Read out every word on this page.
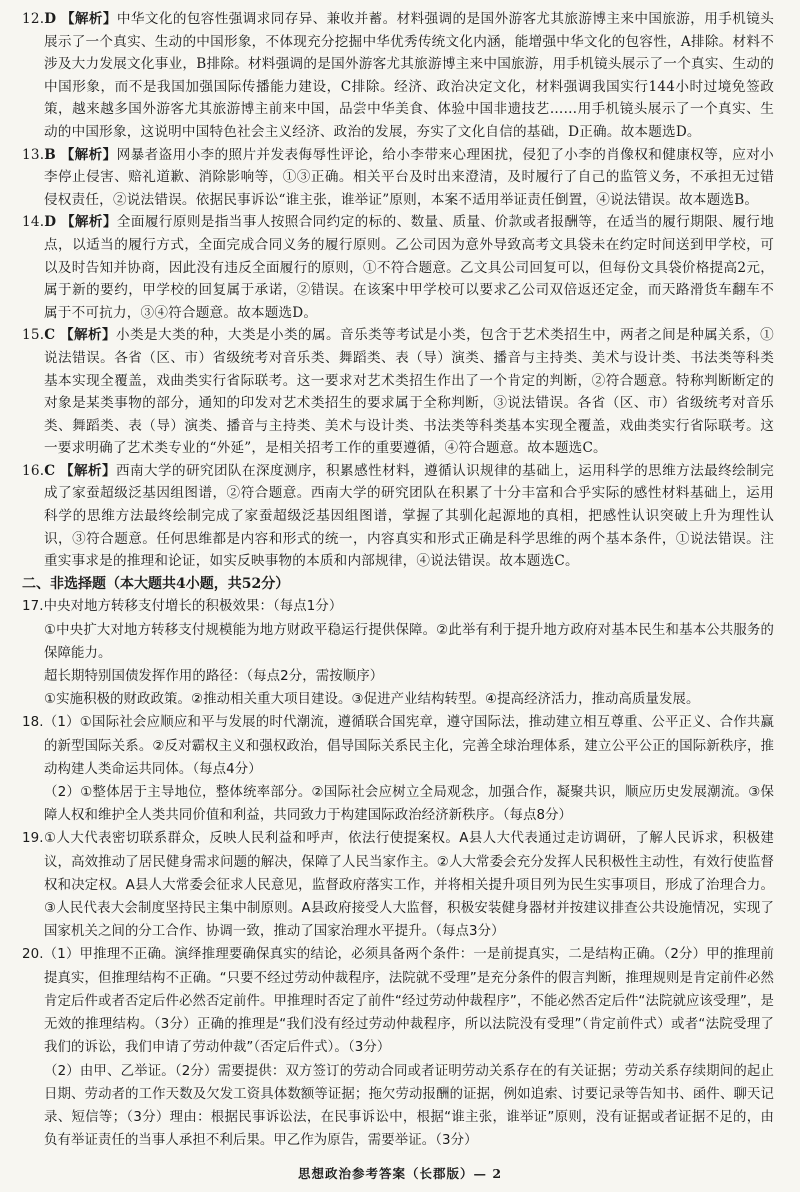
12.D 【解析】中华文化的包容性强调求同存异、兼收并蓄。材料强调的是国外游客尤其旅游博主来中国旅游，用手机镜头展示了一个真实、生动的中国形象，不体现充分挖掘中华优秀传统文化内涵，能增强中华文化的包容性，A排除。材料不涉及大力发展文化事业，B排除。材料强调的是国外游客尤其旅游博主来中国旅游，用手机镜头展示了一个真实、生动的中国形象，而不是我国加强国际传播能力建设，C排除。经济、政治决定文化，材料强调我国实行144小时过境免签政策，越来越多国外游客尤其旅游博主前来中国，品尝中华美食、体验中国非遗技艺……用手机镜头展示了一个真实、生动的中国形象，这说明中国特色社会主义经济、政治的发展，夯实了文化自信的基础，D正确。故本题选D。

13.B 【解析】网暴者盗用小李的照片并发表侮辱性评论，给小李带来心理困扰，侵犯了小李的肖像权和健康权等，应对小李停止侵害、赔礼道歉、消除影响等，①③正确。相关平台及时出来澄清，及时履行了自己的监管义务，不承担无过错侵权责任，②说法错误。依据民事诉讼“谁主张，谁举证”原则，本案不适用举证责任倒置，④说法错误。故本题选B。

14.D 【解析】全面履行原则是指当事人按照合同约定的标的、数量、质量、价款或者报酬等，在适当的履行期限、履行地点，以适当的履行方式，全面完成合同义务的履行原则。乙公司因为意外导致高考文具袋未在约定时间送到甲学校，可以及时告知并协商，因此没有违反全面履行的原则，①不符合题意。乙文具公司回复可以，但每份文具袋价格提高2元，属于新的要约，甲学校的回复属于承诺，②错误。在该案中甲学校可以要求乙公司双倍返还定金，而天路滑货车翻车不属于不可抗力，③④符合题意。故本题选D。

15.C 【解析】小类是大类的种，大类是小类的属。音乐类等考试是小类，包含于艺术类招生中，两者之间是种属关系，①说法错误。各省（区、市）省级统考对音乐类、舞蹈类、表（导）演类、播音与主持类、美术与设计类、书法类等科类基本实现全覆盖，戏曲类实行省际联考。这一要求对艺术类招生作出了一个肯定的判断，②符合题意。特称判断断定的对象是某类事物的部分，通知的印发对艺术类招生的要求属于全称判断，③说法错误。各省（区、市）省级统考对音乐类、舞蹈类、表（导）演类、播音与主持类、美术与设计类、书法类等科类基本实现全覆盖，戏曲类实行省际联考。这一要求明确了艺术类专业的“外延”，是相关招考工作的重要遵循，④符合题意。故本题选C。

16.C 【解析】西南大学的研究团队在深度测序，积累感性材料，遵循认识规律的基础上，运用科学的思维方法最终绘制完成了家蚕超级泛基因组图谱，②符合题意。西南大学的研究团队在积累了十分丰富和合乎实际的感性材料基础上，运用科学的思维方法最终绘制完成了家蚕超级泛基因组图谱，掌握了其驯化起源地的真相，把感性认识突破上升为理性认识，③符合题意。任何思维都是内容和形式的统一，内容真实和形式正确是科学思维的两个基本条件，①说法错误。注重实事求是的推理和论证，如实反映事物的本质和内部规律，④说法错误。故本题选C。

二、非选择题（本大题共4小题，共52分）

17.中央对地方转移支付增长的积极效果：（每点1分）

①中央扩大对地方转移支付规模能为地方财政平稳运行提供保障。②此举有利于提升地方政府对基本民生和基本公共服务的保障能力。

超长期特别国债发挥作用的路径：（每点2分，需按顺序）

①实施积极的财政政策。②推动相关重大项目建设。③促进产业结构转型。④提高经济活力，推动高质量发展。

18.（1）①国际社会应顺应和平与发展的时代潮流，遵循联合国宪章，遵守国际法，推动建立相互尊重、公平正义、合作共赢的新型国际关系。②反对霸权主义和强权政治，倡导国际关系民主化，完善全球治理体系，建立公平公正的国际新秩序，推动构建人类命运共同体。（每点4分）

（2）①整体居于主导地位，整体统率部分。②国际社会应树立全局观念，加强合作，凝聚共识，顺应历史发展潮流。③保障人权和维护全人类共同价值和利益，共同致力于构建国际政治经济新秩序。（每点8分）

19.①人大代表密切联系群众，反映人民利益和呼声，依法行使提案权。A县人大代表通过走访调研，了解人民诉求，积极建议，高效推动了居民健身需求问题的解决，保障了人民当家作主。②人大常委会充分发挥人民积极性主动性，有效行使监督权和决定权。A县人大常委会征求人民意见，监督政府落实工作，并将相关提升项目列为民生实事项目，形成了治理合力。③人民代表大会制度坚持民主集中制原则。A县政府接受人大监督，积极安装健身器材并按建议排查公共设施情况，实现了国家机关之间的分工合作、协调一致，推动了国家治理水平提升。（每点3分）

20.（1）甲推理不正确。演绎推理要确保真实的结论，必须具备两个条件：一是前提真实，二是结构正确。（2分）甲的推理前提真实，但推理结构不正确。“只要不经过劳动仲裁程序，法院就不受理”是充分条件的假言判断，推理规则是肯定前件必然肯定后件或者否定后件必然否定前件。甲推理时否定了前件“经过劳动仲裁程序”，不能必然否定后件“法院就应该受理”，是无效的推理结构。（3分）正确的推理是“我们没有经过劳动仲裁程序，所以法院没有受理”（肯定前件式）或者“法院受理了我们的诉讼，我们申请了劳动仲裁”（否定后件式）。（3分）

（2）由甲、乙举证。（2分）需要提供：双方签订的劳动合同或者证明劳动关系存在的有关证据；劳动关系存续期间的起止日期、劳动者的工作天数及欠发工资具体数额等证据；拖欠劳动报酬的证据，例如追索、讨要记录等告知书、函件、聊天记录、短信等；（3分）理由：根据民事诉讼法，在民事诉讼中，根据“谁主张，谁举证”原则，没有证据或者证据不足的，由负有举证责任的当事人承担不利后果。甲乙作为原告，需要举证。（3分）

思想政治参考答案（长郡版）— 2
